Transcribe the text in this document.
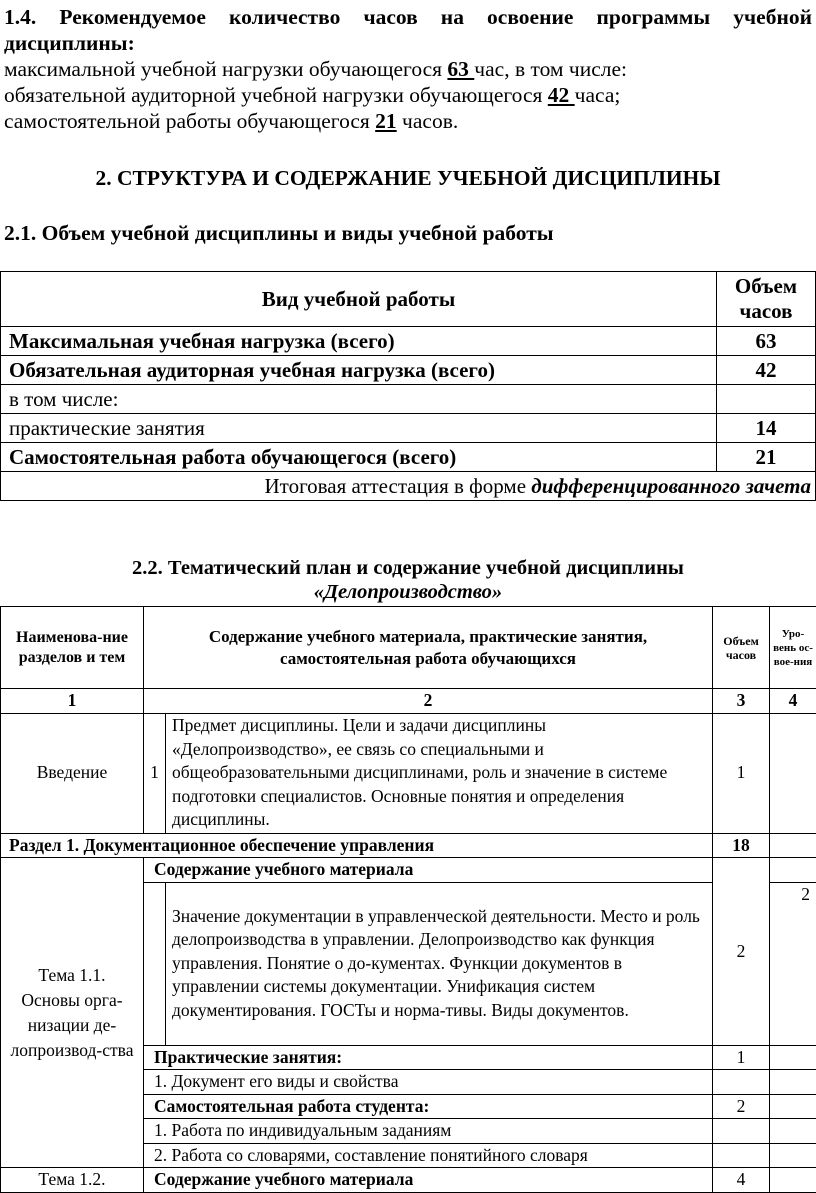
1.4. Рекомендуемое количество часов на освоение программы учебной
дисциплины:
максимальной учебной нагрузки обучающегося 63 час, в том числе:
обязательной аудиторной учебной нагрузки обучающегося 42 часа;
самостоятельной работы обучающегося 21 часов.
2. СТРУКТУРА И СОДЕРЖАНИЕ УЧЕБНОЙ ДИСЦИПЛИНЫ
2.1. Объем учебной дисциплины и виды учебной работы
Вид учебной работы	Объем
часов
Максимальная учебная нагрузка (всего)	63
Обязательная аудиторная учебная нагрузка (всего)	42
в том числе:	
практические занятия	14
Самостоятельная работа обучающегося (всего)	21
Итоговая аттестация в форме дифференцированного зачета	
2.2. Тематический план и содержание учебной дисциплины
«Делопроизводство»
Наименова-ние разделов и тем	Содержание учебного материала, практические занятия, самостоятельная работа обучающихся		Объем часов	Уро-вень ос-вое-ния
1	2		3	4
Введение	1	Предмет дисциплины. Цели и задачи дисциплины «Делопроизводство», ее связь со специальными и общеобразовательными дисциплинами, роль и значение в системе подготовки специалистов. Основные понятия и определения дисциплины.	1	
Раздел 1. Документационное обеспечение управления			18	
Тема 1.1. Основы орга-низации де-лопроизвод-ства	Содержание учебного материала		2	
		Значение документации в управленческой деятельности. Место и роль делопроизводства в управлении. Делопроизводство как функция управления. Понятие о до-кументах. Функции документов в управлении системы документации. Унификация систем документирования. ГОСТы и норма-тивы. Виды документов.		2
	Практические занятия:		1	
	1. Документ его виды и свойства			
	Самостоятельная работа студента:		2	
	1. Работа по индивидуальным заданиям			
	2. Работа со словарями, составление понятийного словаря			
Тема 1.2.	Содержание учебного материала		4	
